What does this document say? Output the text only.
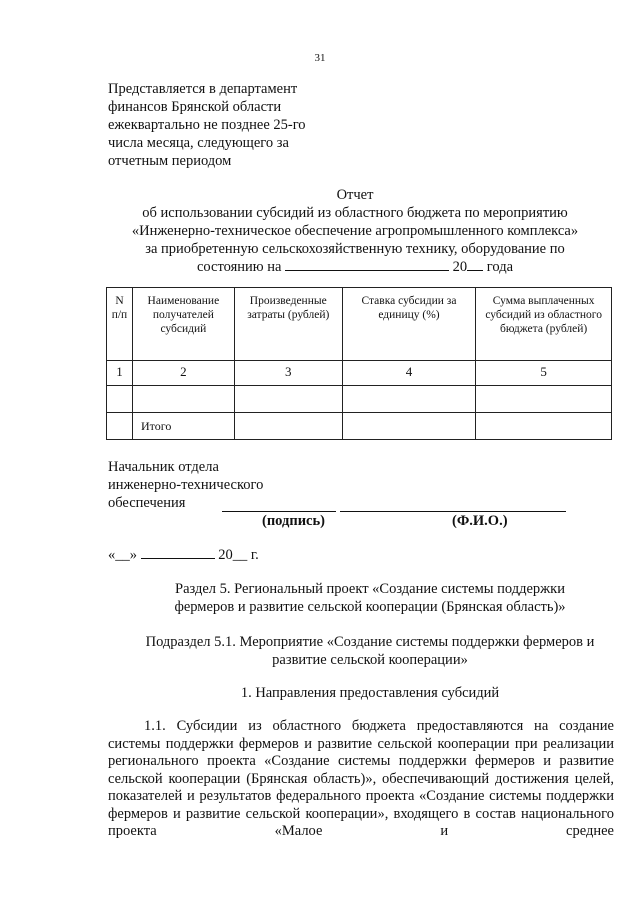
31
Представляется в департамент
финансов Брянской области
ежеквартально не позднее 25-го
числа месяца, следующего за
отчетным периодом
Отчет
об использовании субсидий из областного бюджета по мероприятию
«Инженерно-техническое обеспечение агропромышленного комплекса»
за приобретенную сельскохозяйственную технику, оборудование по
состоянию на	20 года
N п/п	Наименование получателей субсидий	Произведенные затраты (рублей)	Ставка субсидии за единицу (%)	Сумма выплаченных субсидий из областного бюджета (рублей)
1	2	3	4	5

	Итого			
Начальник отдела
инженерно-технического
обеспечения
(подпись)	(Ф.И.О.)
«__»	20__ г.
Раздел 5. Региональный проект «Создание системы поддержки
фермеров и развитие сельской кооперации (Брянская область)»
Подраздел 5.1. Мероприятие «Создание системы поддержки фермеров и
развитие сельской кооперации»
1. Направления предоставления субсидий

1.1. Субсидии из областного бюджета предоставляются на создание системы поддержки фермеров и развитие сельской кооперации при реализации регионального проекта «Создание системы поддержки фермеров и развитие сельской кооперации (Брянская область)», обеспечивающий достижения целей, показателей и результатов федерального проекта «Создание системы поддержки фермеров и развитие сельской кооперации», входящего в состав национального проекта «Малое и среднее
